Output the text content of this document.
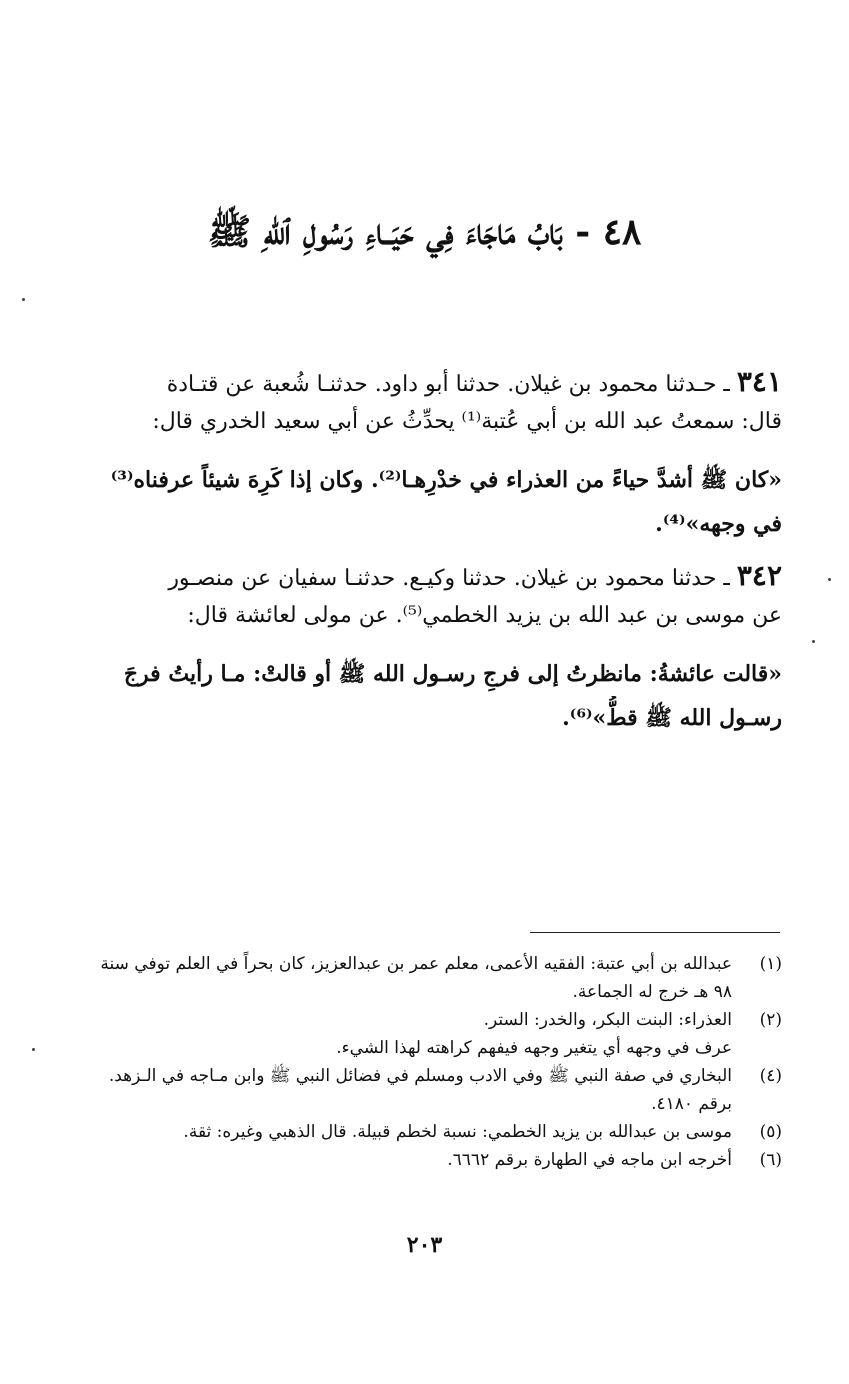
٤٨ - بَابُ مَاجَاءَ فِي حَيَــاءِ رَسُولِ ٱللّٰهِ ﷺ
٣٤١ ـ حـدثنا محمود بن غيلان. حدثنا أبو داود. حدثنـا شُعبة عن قتـادة
قال: سمعتُ عبد الله بن أبي عُتبة⁽¹⁾ يحدِّثُ عن أبي سعيد الخدري قال:
«كان ﷺ أشدَّ حياءً من العذراء في خدْرِهـا⁽²⁾. وكان إذا كَرِهَ شيئاً عرفناه⁽³⁾
في وجهه»⁽⁴⁾.
٣٤٢ ـ حدثنا محمود بن غيلان. حدثنا وكيـع. حدثنـا سفيان عن منصـور
عن موسى بن عبد الله بن يزيد الخطمي⁽⁵⁾. عن مولى لعائشة قال:
«قالت عائشةُ: مانظرتُ إلى فرجِ رسـول الله ﷺ أو قالتْ: مـا رأيتُ فرجَ
رسـول الله ﷺ قطُّ»⁽⁶⁾.
(١)
عبدالله بن أبي عتبة: الفقيه الأعمى، معلم عمر بن عبدالعزيز، كان بحراً في العلم توفي سنة
٩٨ هـ خرج له الجماعة.
(٢)
العذراء: البنت البكر، والخدر: الستر.
عرف في وجهه أي يتغير وجهه فيفهم كراهته لهذا الشيء.
(٤)
البخاري في صفة النبي ﷺ وفي الادب ومسلم في فضائل النبي ﷺ وابن مـاجه في الـزهد.
برقم ٤١٨٠.
(٥)
موسى بن عبدالله بن يزيد الخطمي: نسبة لخطم قبيلة. قال الذهبي وغيره: ثقة.
(٦)
أخرجه ابن ماجه في الطهارة برقم ٦٦٦٢.
٢٠٣
